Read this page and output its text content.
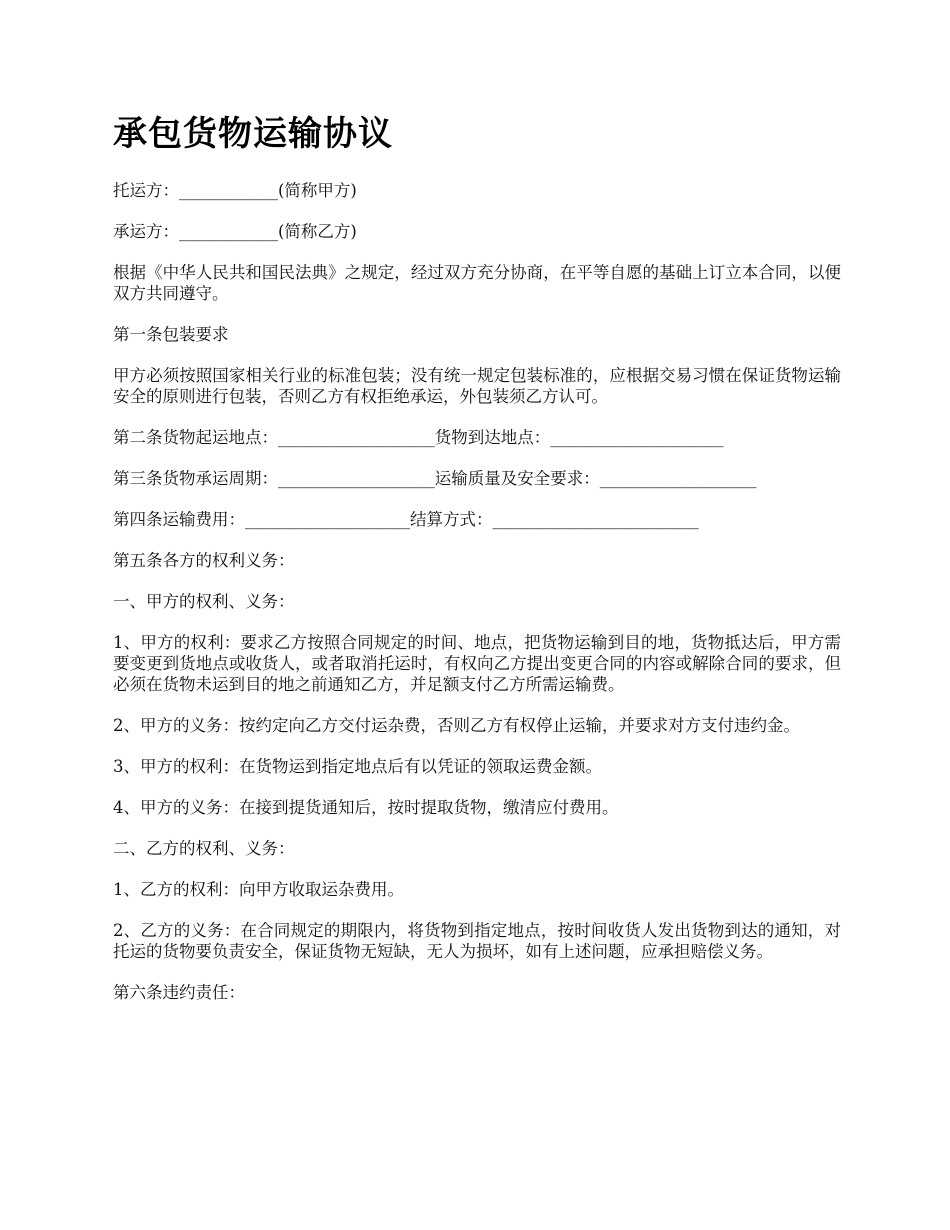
承包货物运输协议

托运方：____________(简称甲方)

承运方：____________(简称乙方)

根据《中华人民共和国民法典》之规定，经过双方充分协商，在平等自愿的基础上订立本合同，以便双方共同遵守。

第一条包装要求

甲方必须按照国家相关行业的标准包装；没有统一规定包装标准的，应根据交易习惯在保证货物运输安全的原则进行包装，否则乙方有权拒绝承运，外包装须乙方认可。

第二条货物起运地点：___________________货物到达地点：_____________________

第三条货物承运周期：___________________运输质量及安全要求：___________________

第四条运输费用：____________________结算方式：_________________________

第五条各方的权利义务：

一、甲方的权利、义务：

1、甲方的权利：要求乙方按照合同规定的时间、地点，把货物运输到目的地，货物抵达后，甲方需要变更到货地点或收货人，或者取消托运时，有权向乙方提出变更合同的内容或解除合同的要求，但必须在货物未运到目的地之前通知乙方，并足额支付乙方所需运输费。

2、甲方的义务：按约定向乙方交付运杂费，否则乙方有权停止运输，并要求对方支付违约金。

3、甲方的权利：在货物运到指定地点后有以凭证的领取运费金额。

4、甲方的义务：在接到提货通知后，按时提取货物，缴清应付费用。

二、乙方的权利、义务：

1、乙方的权利：向甲方收取运杂费用。

2、乙方的义务：在合同规定的期限内，将货物到指定地点，按时间收货人发出货物到达的通知，对托运的货物要负责安全，保证货物无短缺，无人为损坏，如有上述问题，应承担赔偿义务。

第六条违约责任：
